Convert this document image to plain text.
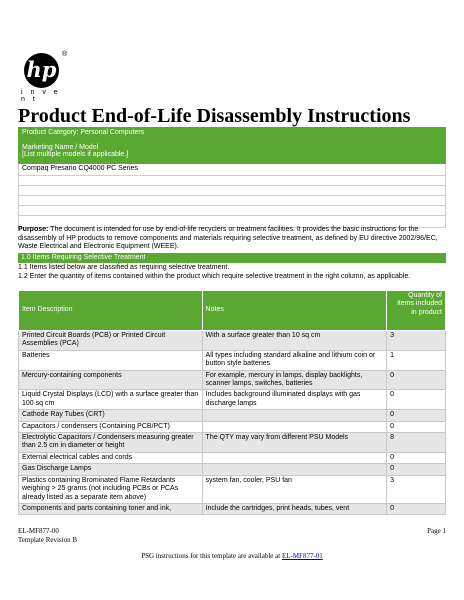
hp
®
i n v e n t
Product End-of-Life Disassembly Instructions
Product Category: Personal Computers

Marketing Name / Model
[List multiple models if applicable.]

Compaq Presario CQ4000 PC Series

Purpose: The document is intended for use by end-of-life recyclers or treatment facilities. It provides the basic instructions for the disassembly of HP products to remove components and materials requiring selective treatment, as defined by EU directive 2002/96/EC, Waste Electrical and Electronic Equipment (WEEE).
1.0 Items Requiring Selective Treatment
1.1 Items listed below are classified as requiring selective treatment.
1.2 Enter the quantity of items contained within the product which require selective treatment in the right column, as applicable.
Item Description	Notes	Quantity of items included in product
Printed Circuit Boards (PCB) or Printed Circuit Assemblies (PCA)	With a surface greater than 10 sq cm	3
Batteries	All types including standard alkaline and lithium coin or button style batteries	1
Mercury-containing components	For example, mercury in lamps, display backlights, scanner lamps, switches, batteries	0
Liquid Crystal Displays (LCD) with a surface greater than 100 sq cm	Includes background illuminated displays with gas discharge lamps	0
Cathode Ray Tubes (CRT)		0
Capacitors / condensers (Containing PCB/PCT)		0
Electrolytic Capacitors / Condensers measuring greater than 2.5 cm in diameter or height	The QTY may vary from different PSU Models	8
External electrical cables and cords		0
Gas Discharge Lamps		0
Plastics containing Brominated Flame Retardants weighing > 25 grams (not including PCBs or PCAs already listed as a separate item above)	system fan, cooler, PSU fan	3
Components and parts containing toner and ink,	Include the cartridges, print heads, tubes, vent	0
EL-MF877-00
Template Revision B
Page 1
PSG instructions for this template are available at EL-MF877-01
